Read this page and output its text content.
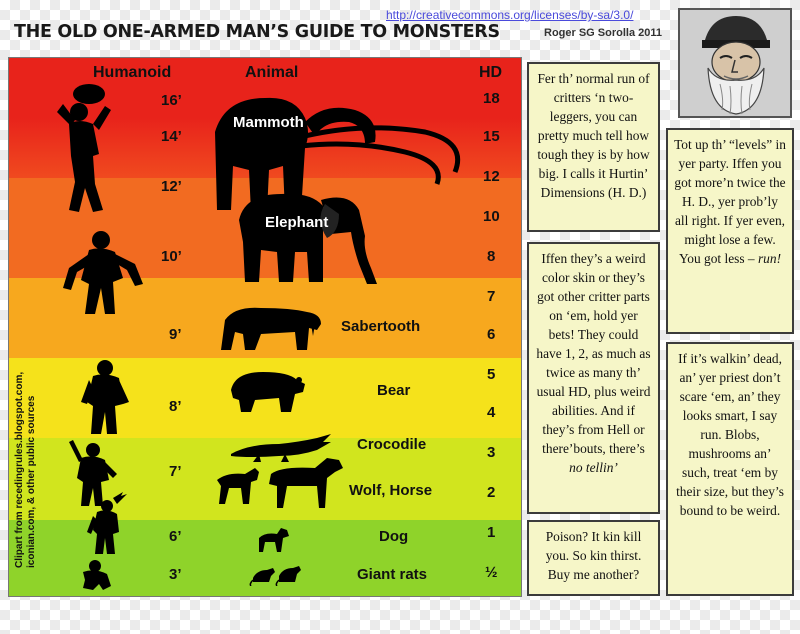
THE OLD ONE-ARMED MAN’S GUIDE TO MONSTERS
http://creativecommons.org/licenses/by-sa/3.0/
Roger SG Sorolla 2011
Humanoid	Animal	HD
16’
14’
12’
10’
9’
8’
7’
6’
3’
Mammoth
Elephant
Sabertooth
Bear
Crocodile
Wolf, Horse
Dog
Giant rats
18
15
12
10
8
7
6
5
4
3
2
1
½
Clipart from recedingrules.blogspot.com, iconian.com, & other public sources
Fer th’ normal run of critters ‘n two-leggers, you can pretty much tell how tough they is by how big. I calls it Hurtin’ Dimensions (H. D.)
Iffen they’s a weird color skin or they’s got other critter parts on ‘em, hold yer bets! They could have 1, 2, as much as twice as many th’ usual HD, plus weird abilities. And if they’s from Hell or there’bouts, there’s no tellin’
Poison? It kin kill you. So kin thirst. Buy me another?
Tot up th’ “levels” in yer party. Iffen you got more’n twice the H. D., yer prob’ly all right. If yer even, might lose a few. You got less – run!
If it’s walkin’ dead, an’ yer priest don’t scare ‘em, an’ they looks smart, I say run. Blobs, mushrooms an’ such, treat ‘em by their size, but they’s bound to be weird.
